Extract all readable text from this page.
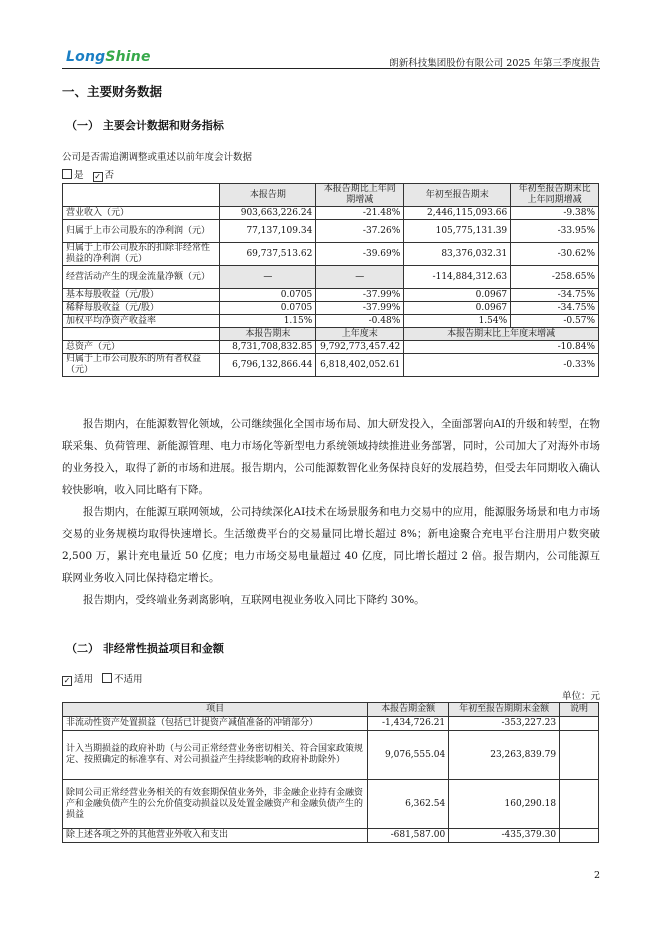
LongShine	朗新科技集团股份有限公司 2025 年第三季度报告
一、主要财务数据
（一） 主要会计数据和财务指标
公司是否需追溯调整或重述以前年度会计数据
是 ✓ 否
	本报告期	本报告期比上年同期增减	年初至报告期末	年初至报告期末比上年同期增减
营业收入（元）	903,663,226.24	-21.48%	2,446,115,093.66	-9.38%
归属于上市公司股东的净利润（元）	77,137,109.34	-37.26%	105,775,131.39	-33.95%
归属于上市公司股东的扣除非经常性损益的净利润（元）	69,737,513.62	-39.69%	83,376,032.31	-30.62%
经营活动产生的现金流量净额（元）	—	—	-114,884,312.63	-258.65%
基本每股收益（元/股）	0.0705	-37.99%	0.0967	-34.75%
稀释每股收益（元/股）	0.0705	-37.99%	0.0967	-34.75%
加权平均净资产收益率	1.15%	-0.48%	1.54%	-0.57%
	本报告期末	上年度末	本报告期末比上年度末增减	
总资产（元）	8,731,708,832.85	9,792,773,457.42	-10.84%	
归属于上市公司股东的所有者权益（元）	6,796,132,866.44	6,818,402,052.61	-0.33%	
报告期内，在能源数智化领域，公司继续强化全国市场布局、加大研发投入，全面部署向AI的升级和转型，在物联采集、负荷管理、新能源管理、电力市场化等新型电力系统领域持续推进业务部署，同时，公司加大了对海外市场的业务投入，取得了新的市场和进展。报告期内，公司能源数智化业务保持良好的发展趋势，但受去年同期收入确认较快影响，收入同比略有下降。
报告期内，在能源互联网领域，公司持续深化AI技术在场景服务和电力交易中的应用，能源服务场景和电力市场交易的业务规模均取得快速增长。生活缴费平台的交易量同比增长超过 8%；新电途聚合充电平台注册用户数突破 2,500 万，累计充电量近 50 亿度；电力市场交易电量超过 40 亿度，同比增长超过 2 倍。报告期内，公司能源互联网业务收入同比保持稳定增长。
报告期内，受终端业务剥离影响，互联网电视业务收入同比下降约 30%。
（二） 非经常性损益项目和金额
✓ 适用 不适用
单位：元
项目	本报告期金额	年初至报告期期末金额	说明
非流动性资产处置损益（包括已计提资产减值准备的冲销部分）	-1,434,726.21	-353,227.23	
计入当期损益的政府补助（与公司正常经营业务密切相关、符合国家政策规定、按照确定的标准享有、对公司损益产生持续影响的政府补助除外）	9,076,555.04	23,263,839.79	
除同公司正常经营业务相关的有效套期保值业务外，非金融企业持有金融资产和金融负债产生的公允价值变动损益以及处置金融资产和金融负债产生的损益	6,362.54	160,290.18	
除上述各项之外的其他营业外收入和支出	-681,587.00	-435,379.30	
2
